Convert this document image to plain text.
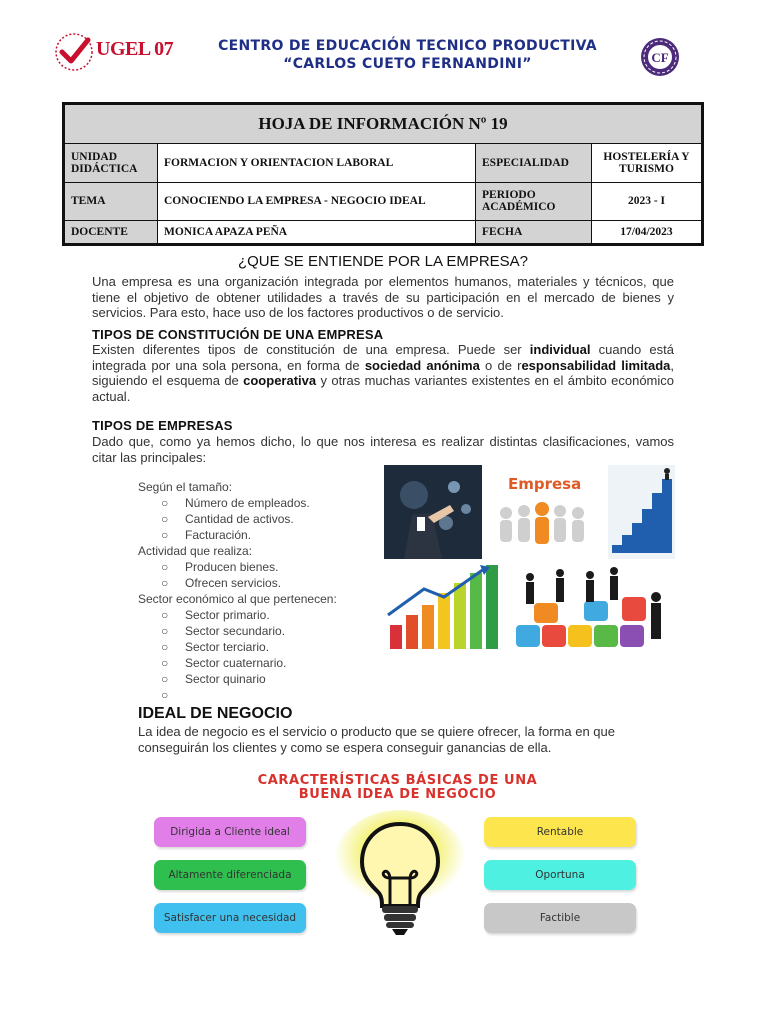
UGEL 07	CENTRO DE EDUCACIÓN TECNICO PRODUCTIVA
“CARLOS CUETO FERNANDINI”	CF
HOJA DE INFORMACIÓN Nº 19			
UNIDAD DIDÁCTICA	FORMACION Y ORIENTACION LABORAL	ESPECIALIDAD	HOSTELERÍA Y TURISMO
TEMA	CONOCIENDO LA EMPRESA - NEGOCIO IDEAL	PERIODO ACADÉMICO	2023 - I
DOCENTE	MONICA APAZA PEÑA	FECHA	17/04/2023
¿QUE SE ENTIENDE POR LA EMPRESA?
Una empresa es una organización integrada por elementos humanos, materiales y técnicos, que tiene el objetivo de obtener utilidades a través de su participación en el mercado de bienes y servicios. Para esto, hace uso de los factores productivos o de servicio.
TIPOS DE CONSTITUCIÓN DE UNA EMPRESA
Existen diferentes tipos de constitución de una empresa. Puede ser individual cuando está integrada por una sola persona, en forma de sociedad anónima o de responsabilidad limitada, siguiendo el esquema de cooperativa y otras muchas variantes existentes en el ámbito económico actual.
TIPOS DE EMPRESAS
Dado que, como ya hemos dicho, lo que nos interesa es realizar distintas clasificaciones, vamos citar las principales:
Según el tamaño:
○ Número de empleados.
○ Cantidad de activos.
○ Facturación.
Actividad que realiza:
○ Producen bienes.
○ Ofrecen servicios.
Sector económico al que pertenecen:
○ Sector primario.
○ Sector secundario.
○ Sector terciario.
○ Sector cuaternario.
○ Sector quinario
○
Empresa
IDEAL DE NEGOCIO
La idea de negocio es el servicio o producto que se quiere ofrecer, la forma en que conseguirán los clientes y como se espera conseguir ganancias de ella.
CARACTERÍSTICAS BÁSICAS DE UNA
BUENA IDEA DE NEGOCIO
Dirigida a Cliente ideal
Altamente diferenciada
Satisfacer una necesidad
Rentable
Oportuna
Factible
